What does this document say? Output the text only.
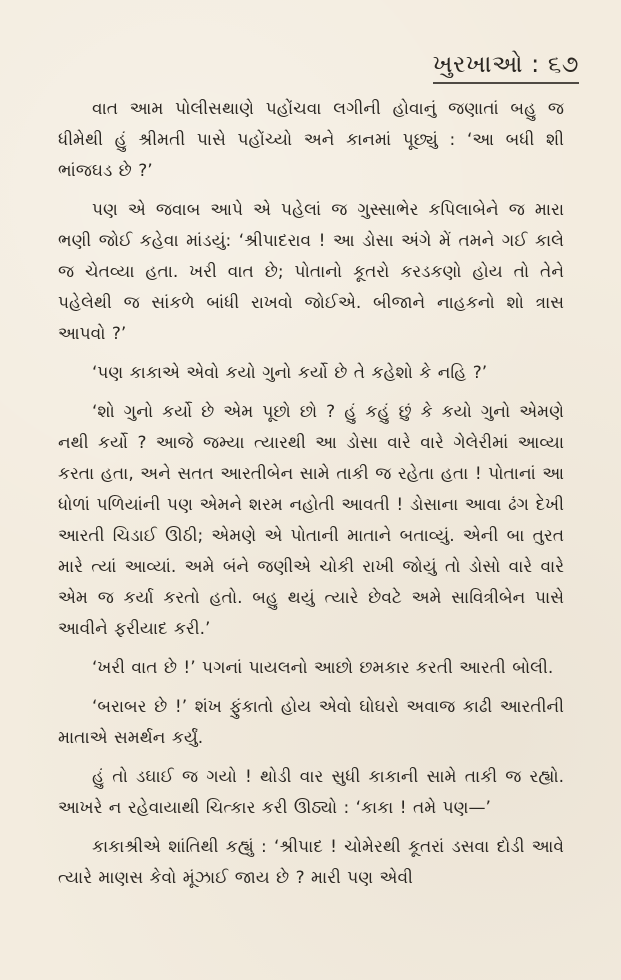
ખુરખાઓ : ૬૭

વાત આમ પોલીસથાણે પહોંચવા લગીની હોવાનું જણાતાં બહુ જ ધીમેથી હું શ્રીમતી પાસે પહોંચ્યો અને કાનમાં પૂછ્યું : ‘આ બધી શી ભાંજઘડ છે ?’

પણ એ જવાબ આપે એ પહેલાં જ ગુસ્સાભેર કપિલાબેને જ મારા ભણી જોઈ કહેવા માંડયું: ‘શ્રીપાદરાવ ! આ ડોસા અંગે મેં તમને ગઈ કાલે જ ચેતવ્યા હતા. ખરી વાત છે; પોતાનો કૂતરો કરડકણો હોય તો તેને પહેલેથી જ સાંકળે બાંધી રાખવો જોઈએ. બીજાને નાહકનો શો ત્રાસ આપવો ?’

‘પણ કાકાએ એવો કયો ગુનો કર્યો છે તે કહેશો કે નહિ ?’

‘શો ગુનો કર્યો છે એમ પૂછો છો ? હું કહું છું કે કયો ગુનો એમણે નથી કર્યો ? આજે જમ્યા ત્યારથી આ ડોસા વારે વારે ગેલેરીમાં આવ્યા કરતા હતા, અને સતત આરતીબેન સામે તાકી જ રહેતા હતા ! પોતાનાં આ ધોળાં પળિયાંની પણ એમને શરમ નહોતી આવતી ! ડોસાના આવા ઢંગ દેખી આરતી ચિડાઈ ઊઠી; એમણે એ પોતાની માતાને બતાવ્યું. એની બા તુરત મારે ત્યાં આવ્યાં. અમે બંને જણીએ ચોકી રાખી જોયું તો ડોસો વારે વારે એમ જ કર્યા કરતો હતો. બહુ થયું ત્યારે છેવટે અમે સાવિત્રીબેન પાસે આવીને ફરીયાદ કરી.’

‘ખરી વાત છે !’ પગનાં પાયલનો આછો છમકાર કરતી આરતી બોલી.

‘બરાબર છે !’ શંખ ફુંકાતો હોય એવો ઘોઘરો અવાજ કાઢી આરતીની માતાએ સમર્થન કર્યું.

હું તો ડઘાઈ જ ગયો ! થોડી વાર સુધી કાકાની સામે તાકી જ રહ્યો. આખરે ન રહેવાયાથી ચિત્કાર કરી ઊઠ્યો : ‘કાકા ! તમે પણ—’

કાકાશ્રીએ શાંતિથી કહ્યું : ‘શ્રીપાદ ! ચોમેરથી કૂતરાં ડસવા દોડી આવે ત્યારે માણસ કેવો મૂંઝાઈ જાય છે ? મારી પણ એવી
